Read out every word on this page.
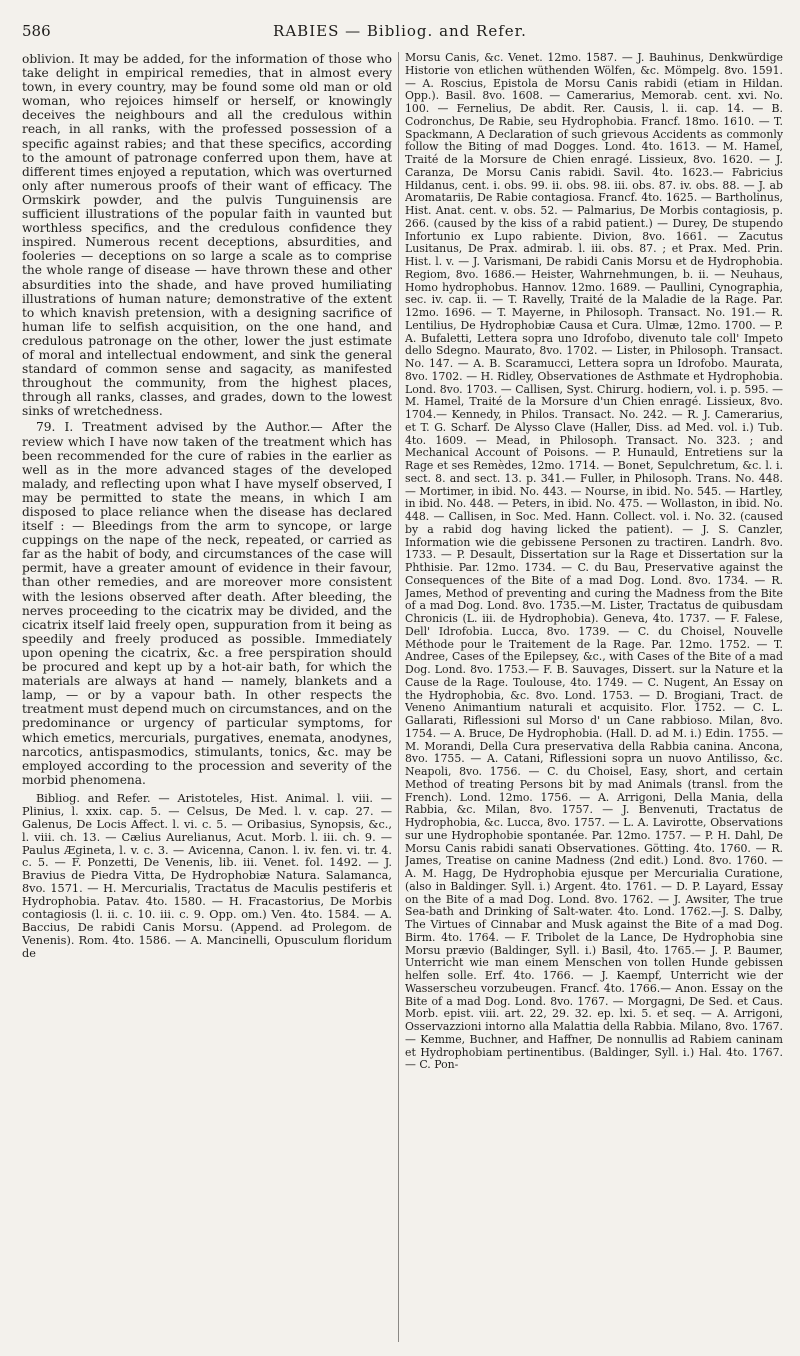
586	RABIES — Bibliog. and Refer.

oblivion. It may be added, for the information of those who take delight in empirical remedies, that in almost every town, in every country, may be found some old man or old woman, who rejoices himself or herself, or knowingly deceives the neighbours and all the credulous within reach, in all ranks, with the professed possession of a specific against rabies; and that these specifics, according to the amount of patronage conferred upon them, have at different times enjoyed a reputation, which was overturned only after numerous proofs of their want of efficacy. The Ormskirk powder, and the pulvis Tunguinensis are sufficient illustrations of the popular faith in vaunted but worthless specifics, and the credulous confidence they inspired. Numerous recent deceptions, absurdities, and fooleries — deceptions on so large a scale as to comprise the whole range of disease — have thrown these and other absurdities into the shade, and have proved humiliating illustrations of human nature; demonstrative of the extent to which knavish pretension, with a designing sacrifice of human life to selfish acquisition, on the one hand, and credulous patronage on the other, lower the just estimate of moral and intellectual endowment, and sink the general standard of common sense and sagacity, as manifested throughout the community, from the highest places, through all ranks, classes, and grades, down to the lowest sinks of wretchedness.

79. I. Treatment advised by the Author.— After the review which I have now taken of the treatment which has been recommended for the cure of rabies in the earlier as well as in the more advanced stages of the developed malady, and reflecting upon what I have myself observed, I may be permitted to state the means, in which I am disposed to place reliance when the disease has declared itself : — Bleedings from the arm to syncope, or large cuppings on the nape of the neck, repeated, or carried as far as the habit of body, and circumstances of the case will permit, have a greater amount of evidence in their favour, than other remedies, and are moreover more consistent with the lesions observed after death. After bleeding, the nerves proceeding to the cicatrix may be divided, and the cicatrix itself laid freely open, suppuration from it being as speedily and freely produced as possible. Immediately upon opening the cicatrix, &c. a free perspiration should be procured and kept up by a hot-air bath, for which the materials are always at hand — namely, blankets and a lamp, — or by a vapour bath. In other respects the treatment must depend much on circumstances, and on the predominance or urgency of particular symptoms, for which emetics, mercurials, purgatives, enemata, anodynes, narcotics, antispasmodics, stimulants, tonics, &c. may be employed according to the procession and severity of the morbid phenomena.

Bibliog. and Refer. — Aristoteles, Hist. Animal. l. viii. — Plinius, l. xxix. cap. 5. — Celsus, De Med. l. v. cap. 27. — Galenus, De Locis Affect. l. vi. c. 5. — Oribasius, Synopsis, &c., l. viii. ch. 13. — Cælius Aurelianus, Acut. Morb. l. iii. ch. 9. — Paulus Ægineta, l. v. c. 3. — Avicenna, Canon. l. iv. fen. vi. tr. 4. c. 5. — F. Ponzetti, De Venenis, lib. iii. Venet. fol. 1492. — J. Bravius de Piedra Vitta, De Hydrophobiæ Natura. Salamanca, 8vo. 1571. — H. Mercurialis, Tractatus de Maculis pestiferis et Hydrophobia. Patav. 4to. 1580. — H. Fracastorius, De Morbis contagiosis (l. ii. c. 10. iii. c. 9. Opp. om.) Ven. 4to. 1584. — A. Baccius, De rabidi Canis Morsu. (Append. ad Prolegom. de Venenis). Rom. 4to. 1586. — A. Mancinelli, Opusculum floridum de

Morsu Canis, &c. Venet. 12mo. 1587. — J. Bauhinus, Denkwürdige Historie von etlichen wüthenden Wölfen, &c. Mömpelg. 8vo. 1591. — A. Roscius, Epistola de Morsu Canis rabidi (etiam in Hildan. Opp.). Basil. 8vo. 1608. — Camerarius, Memorab. cent. xvi. No. 100. — Fernelius, De abdit. Rer. Causis, l. ii. cap. 14. — B. Codronchus, De Rabie, seu Hydrophobia. Francf. 18mo. 1610. — T. Spackmann, A Declaration of such grievous Accidents as commonly follow the Biting of mad Dogges. Lond. 4to. 1613. — M. Hamel, Traité de la Morsure de Chien enragé. Lissieux, 8vo. 1620. — J. Caranza, De Morsu Canis rabidi. Savil. 4to. 1623.— Fabricius Hildanus, cent. i. obs. 99. ii. obs. 98. iii. obs. 87. iv. obs. 88. — J. ab Aromatariis, De Rabie contagiosa. Francf. 4to. 1625. — Bartholinus, Hist. Anat. cent. v. obs. 52. — Palmarius, De Morbis contagiosis, p. 266. (caused by the kiss of a rabid patient.) — Durey, De stupendo Infortunio ex Lupo rabiente. Divion, 8vo. 1661. — Zacutus Lusitanus, De Prax. admirab. l. iii. obs. 87. ; et Prax. Med. Prin. Hist. l. v. — J. Varismani, De rabidi Canis Morsu et de Hydrophobia. Regiom, 8vo. 1686.— Heister, Wahrnehmungen, b. ii. — Neuhaus, Homo hydrophobus. Hannov. 12mo. 1689. — Paullini, Cynographia, sec. iv. cap. ii. — T. Ravelly, Traité de la Maladie de la Rage. Par. 12mo. 1696. — T. Mayerne, in Philosoph. Transact. No. 191.— R. Lentilius, De Hydrophobiæ Causa et Cura. Ulmæ, 12mo. 1700. — P. A. Bufaletti, Lettera sopra uno Idrofobo, divenuto tale coll' Impeto dello Sdegno. Maurato, 8vo. 1702. — Lister, in Philosoph. Transact. No. 147. — A. B. Scaramucci, Lettera sopra un Idrofobo. Maurata, 8vo. 1702. — H. Ridley, Observationes de Asthmate et Hydrophobia. Lond. 8vo. 1703. — Callisen, Syst. Chirurg. hodiern, vol. i. p. 595. — M. Hamel, Traité de la Morsure d'un Chien enragé. Lissieux, 8vo. 1704.— Kennedy, in Philos. Transact. No. 242. — R. J. Camerarius, et T. G. Scharf. De Alysso Clave (Haller, Diss. ad Med. vol. i.) Tub. 4to. 1609. — Mead, in Philosoph. Transact. No. 323. ; and Mechanical Account of Poisons. — P. Hunauld, Entretiens sur la Rage et ses Remèdes, 12mo. 1714. — Bonet, Sepulchretum, &c. l. i. sect. 8. and sect. 13. p. 341.— Fuller, in Philosoph. Trans. No. 448. — Mortimer, in ibid. No. 443. — Nourse, in ibid. No. 545. — Hartley, in ibid. No. 448. — Peters, in ibid. No. 475. — Wollaston, in ibid. No. 448. — Callisen, in Soc. Med. Hann. Collect. vol. i. No. 32. (caused by a rabid dog having licked the patient). — J. S. Canzler, Information wie die gebissene Personen zu tractiren. Landrh. 8vo. 1733. — P. Desault, Dissertation sur la Rage et Dissertation sur la Phthisie. Par. 12mo. 1734. — C. du Bau, Preservative against the Consequences of the Bite of a mad Dog. Lond. 8vo. 1734. — R. James, Method of preventing and curing the Madness from the Bite of a mad Dog. Lond. 8vo. 1735.—M. Lister, Tractatus de quibusdam Chronicis (L. iii. de Hydrophobia). Geneva, 4to. 1737. — F. Falese, Dell' Idrofobia. Lucca, 8vo. 1739. — C. du Choisel, Nouvelle Méthode pour le Traitement de la Rage. Par. 12mo. 1752. — T. Andree, Cases of the Epilepsey, &c., with Cases of the Bite of a mad Dog. Lond. 8vo. 1753.— F. B. Sauvages, Dissert. sur la Nature et la Cause de la Rage. Toulouse, 4to. 1749. — C. Nugent, An Essay on the Hydrophobia, &c. 8vo. Lond. 1753. — D. Brogiani, Tract. de Veneno Animantium naturali et acquisito. Flor. 1752. — C. L. Gallarati, Riflessioni sul Morso d' un Cane rabbioso. Milan, 8vo. 1754. — A. Bruce, De Hydrophobia. (Hall. D. ad M. i.) Edin. 1755. — M. Morandi, Della Cura preservativa della Rabbia canina. Ancona, 8vo. 1755. — A. Catani, Riflessioni sopra un nuovo Antilisso, &c. Neapoli, 8vo. 1756. — C. du Choisel, Easy, short, and certain Method of treating Persons bit by mad Animals (transl. from the French). Lond. 12mo. 1756. — A. Arrigoni, Della Mania, della Rabbia, &c. Milan, 8vo. 1757. — J. Benvenuti, Tractatus de Hydrophobia, &c. Lucca, 8vo. 1757. — L. A. Lavirotte, Observations sur une Hydrophobie spontanée. Par. 12mo. 1757. — P. H. Dahl, De Morsu Canis rabidi sanati Observationes. Götting. 4to. 1760. — R. James, Treatise on canine Madness (2nd edit.) Lond. 8vo. 1760. — A. M. Hagg, De Hydrophobia ejusque per Mercurialia Curatione, (also in Baldinger. Syll. i.) Argent. 4to. 1761. — D. P. Layard, Essay on the Bite of a mad Dog. Lond. 8vo. 1762. — J. Awsiter, The true Sea-bath and Drinking of Salt-water. 4to. Lond. 1762.—J. S. Dalby, The Virtues of Cinnabar and Musk against the Bite of a mad Dog. Birm. 4to. 1764. — F. Tribolet de la Lance, De Hydrophobia sine Morsu prævio (Baldinger, Syll. i.) Basil, 4to. 1765.— J. P. Baumer, Unterricht wie man einem Menschen von tollen Hunde gebissen helfen solle. Erf. 4to. 1766. — J. Kaempf, Unterricht wie der Wasserscheu vorzubeugen. Francf. 4to. 1766.— Anon. Essay on the Bite of a mad Dog. Lond. 8vo. 1767. — Morgagni, De Sed. et Caus. Morb. epist. viii. art. 22, 29. 32. ep. lxi. 5. et seq. — A. Arrigoni, Osservazzioni intorno alla Malattia della Rabbia. Milano, 8vo. 1767.— Kemme, Buchner, and Haffner, De nonnullis ad Rabiem caninam et Hydrophobiam pertinentibus. (Baldinger, Syll. i.) Hal. 4to. 1767. — C. Pon-
